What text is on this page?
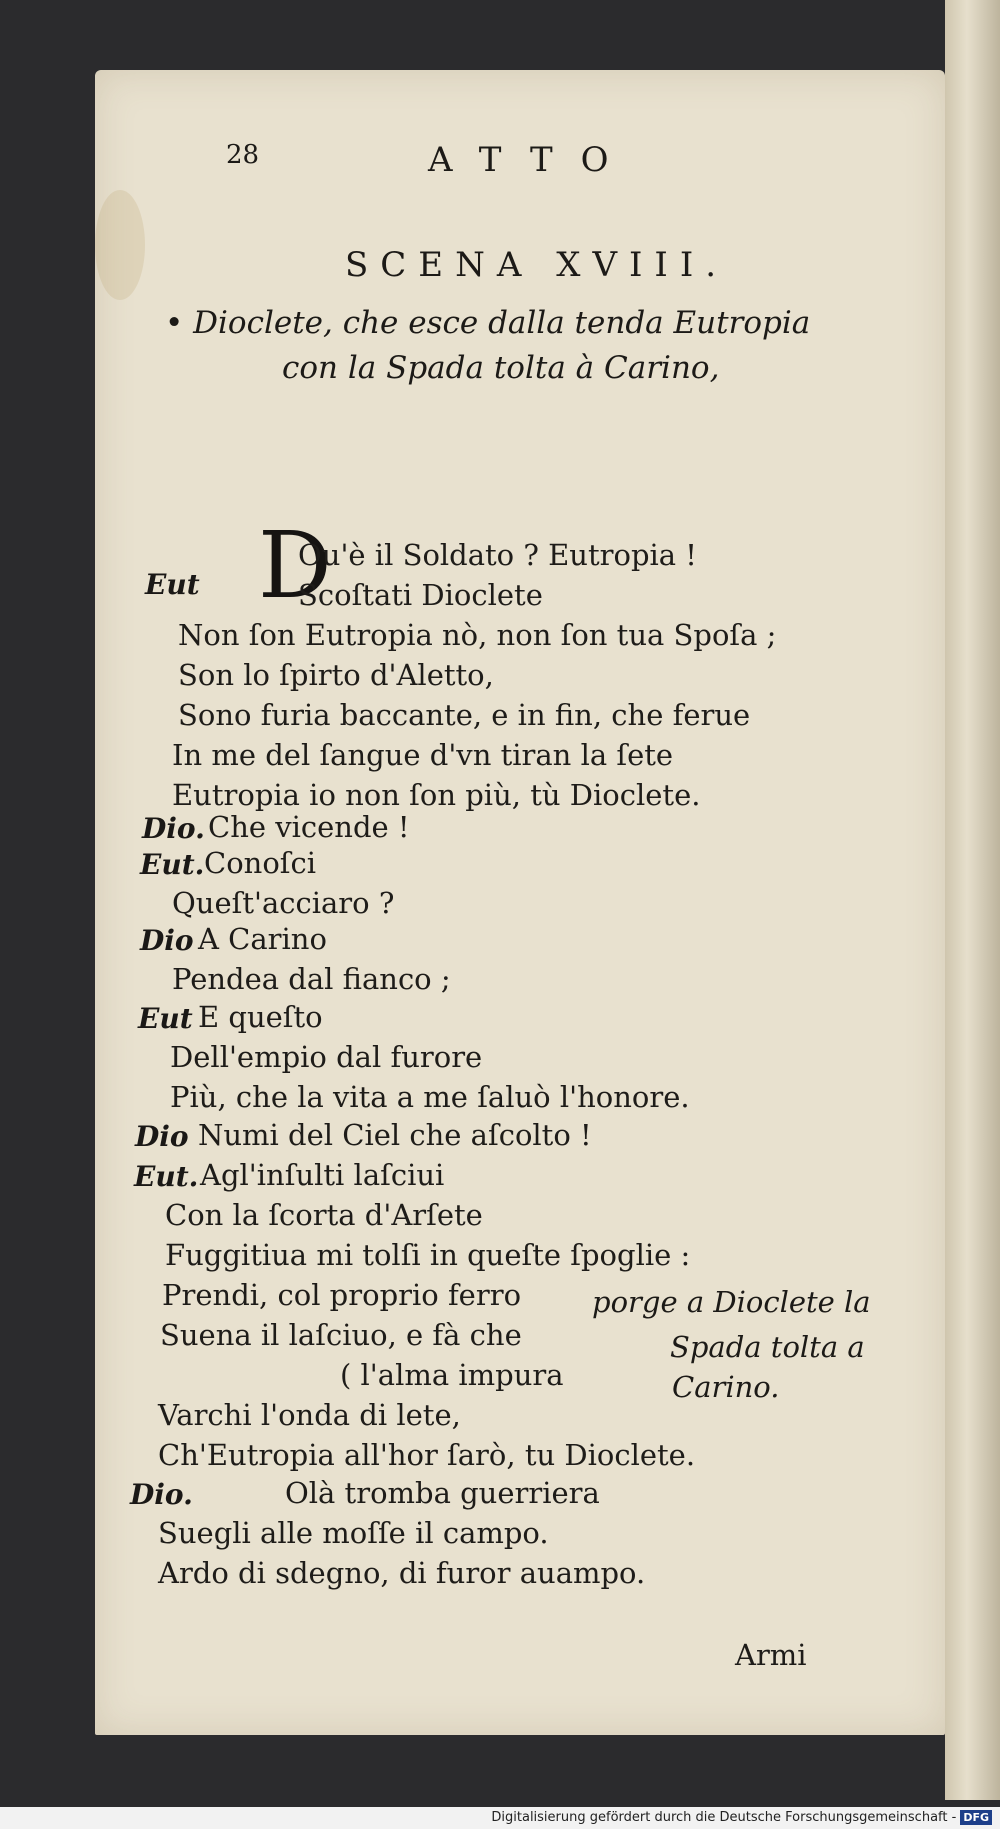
28	ATTO
SCENA XVIII.
• Dioclete, che esce dalla tenda Eutropia
con la Spada tolta à Carino,
D
Ou'è il Soldato ? Eutropia !
Eut	Scoſtati Dioclete
Non ſon Eutropia nò, non ſon tua Spoſa ;
Son lo ſpirto d'Aletto,
Sono furia baccante, e in fin, che ferue
In me del ſangue d'vn tiran la ſete
Eutropia io non ſon più, tù Dioclete.
Dio. Che vicende !
Eut. Conoſci
Queſt'acciaro ?
Dio A Carino
Pendea dal fianco ;
Eut E queſto
Dell'empio dal furore
Più, che la vita a me ſaluò l'honore.
Dio Numi del Ciel che aſcolto !
Eut. Agl'inſulti laſciui
Con la ſcorta d'Arſete
Fuggitiua mi tolſi in queſte ſpoglie :
Prendi, col proprio ferro
Suena il laſciuo, e fà che
( l'alma impura
porge a Dioclete la
Spada tolta a
Carino.
Varchi l'onda di lete,
Ch'Eutropia all'hor ſarò, tu Dioclete.
Dio.	Olà tromba guerriera
Suegli alle moſſe il campo.
Ardo di sdegno, di furor auampo.
Armi
Digitalisierung gefördert durch die Deutsche Forschungsgemeinschaft - DFG
